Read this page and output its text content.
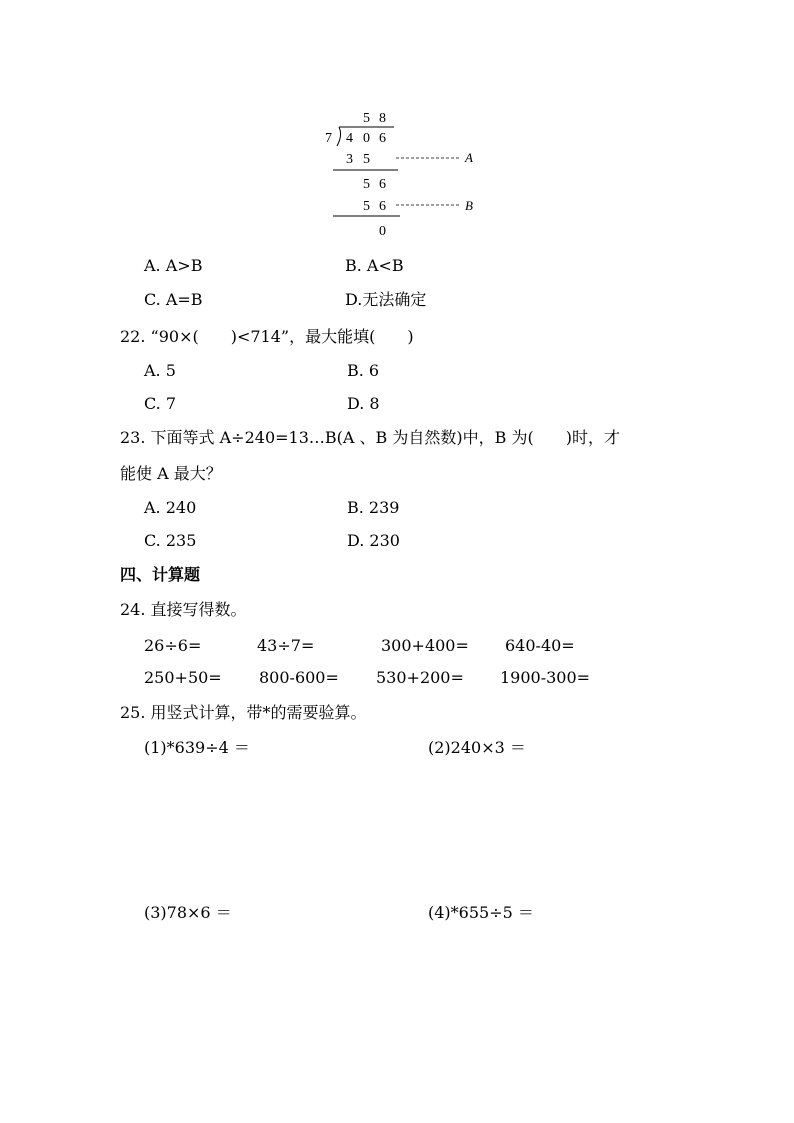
5 8
7 4 0 6
3 5	A
5 6
5 6	B
0
A. A>B	B. A<B
C. A=B	D.无法确定
22. “90×(　　)<714”，最大能填(　　)
A. 5	B. 6
C. 7	D. 8
23. 下面等式 A÷240=13…B(A 、B 为自然数)中，B 为(　　)时，才
能使 A 最大？
A. 240	B. 239
C. 235	D. 230
四、计算题
24. 直接写得数。
26÷6=	43÷7=	300+400= 640-40=
250+50= 800-600= 530+200= 1900-300=
25. 用竖式计算，带*的需要验算。
(1)*639÷4 ＝	(2)240×3 ＝
(3)78×6 ＝	(4)*655÷5 ＝
